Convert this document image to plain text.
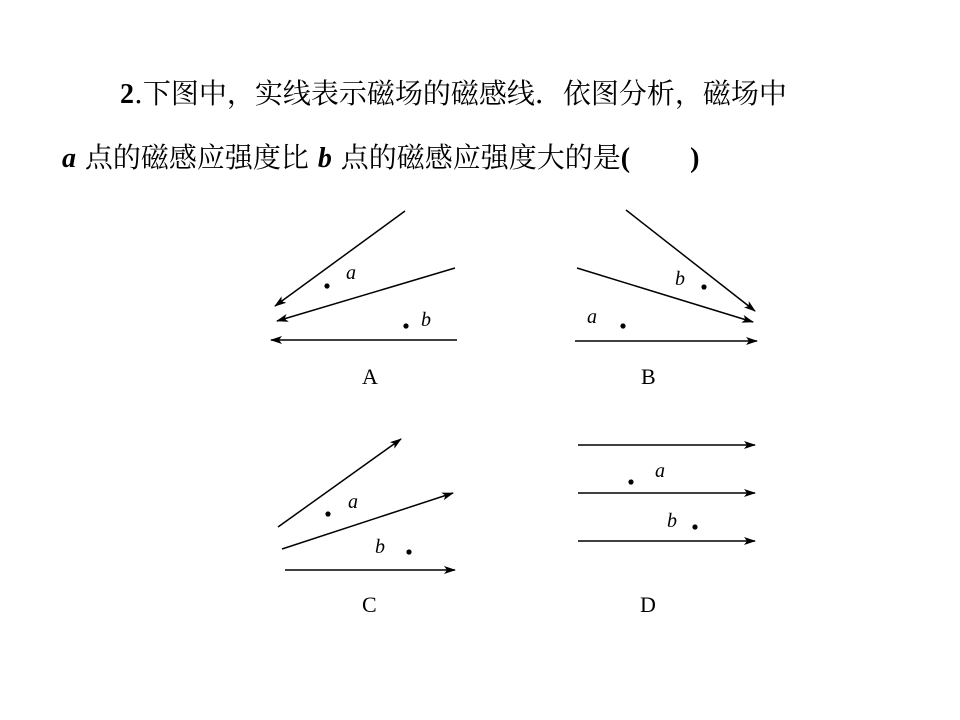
2.下图中，实线表示磁场的磁感线．依图分析，磁场中
a 点的磁感应强度比 b 点的磁感应强度大的是( )
a
b
A
b
a
B
a
b
C
a
b
D
